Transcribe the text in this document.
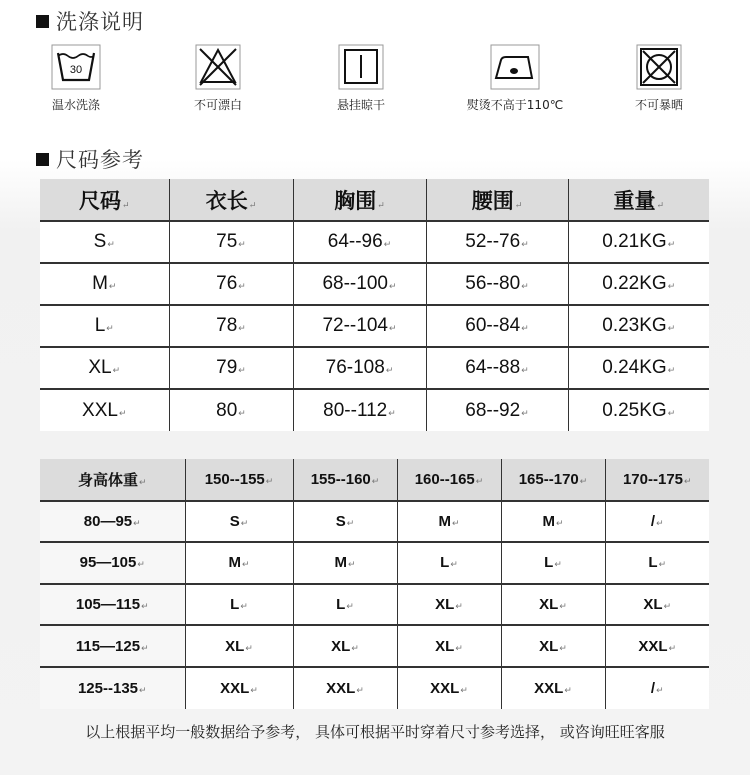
洗涤说明
30
温水洗涤	不可漂白	悬挂晾干	熨烫不高于110℃	不可暴晒
尺码参考
尺码↵	衣长↵	胸围↵	腰围↵	重量↵
S↵	75↵	64--96↵	52--76↵	0.21KG↵
M↵	76↵	68--100↵	56--80↵	0.22KG↵
L↵	78↵	72--104↵	60--84↵	0.23KG↵
XL↵	79↵	76-108↵	64--88↵	0.24KG↵
XXL↵	80↵	80--112↵	68--92↵	0.25KG↵
身高体重↵	150--155↵	155--160↵	160--165↵	165--170↵	170--175↵
80—95↵	S↵	S↵	M↵	M↵	/↵
95—105↵	M↵	M↵	L↵	L↵	L↵
105—115↵	L↵	L↵	XL↵	XL↵	XL↵
115—125↵	XL↵	XL↵	XL↵	XL↵	XXL↵
125--135↵	XXL↵	XXL↵	XXL↵	XXL↵	/↵
以上根据平均一般数据给予参考， 具体可根据平时穿着尺寸参考选择， 或咨询旺旺客服
